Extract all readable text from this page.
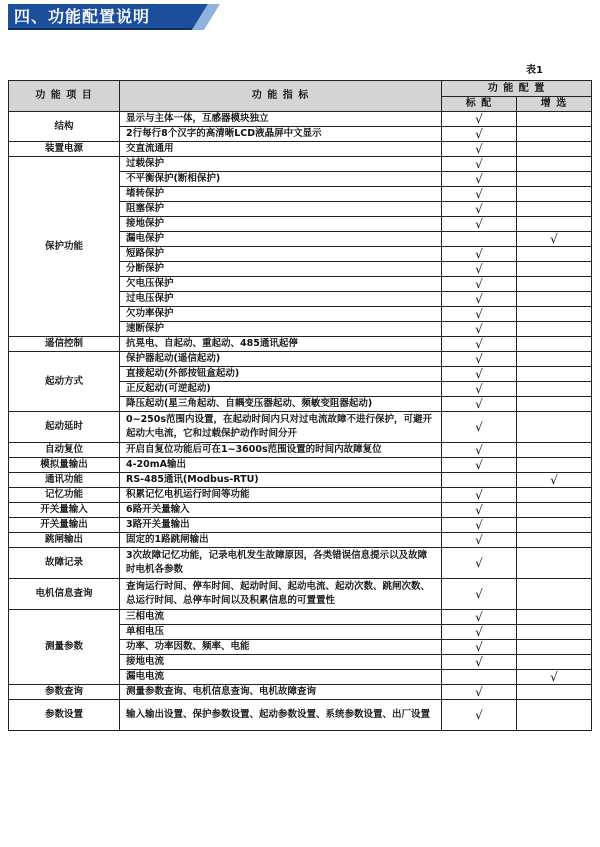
四、功能配置说明
表1
功 能 项 目	功 能 指 标	功 能 配 置	
		标 配	增 选
结构	显示与主体一体，互感器模块独立	√	
	2行每行8个汉字的高清晰LCD液晶屏中文显示	√	
装置电源	交直流通用	√	
保护功能	过载保护	√	
	不平衡保护(断相保护)	√	
	堵转保护	√	
	阻塞保护	√	
	接地保护	√	
	漏电保护		√
	短路保护	√	
	分断保护	√	
	欠电压保护	√	
	过电压保护	√	
	欠功率保护	√	
	速断保护	√	
遥信控制	抗晃电、自起动、重起动、485通讯起停	√	
起动方式	保护器起动(遥信起动)	√	
	直接起动(外部按钮盒起动)	√	
	正反起动(可逆起动)	√	
	降压起动(星三角起动、自耦变压器起动、频敏变阻器起动)	√	
起动延时	0~250s范围内设置，在起动时间内只对过电流故障不进行保护，可避开起动大电流，它和过载保护动作时间分开	√	
自动复位	开启自复位功能后可在1~3600s范围设置的时间内故障复位	√	
模拟量输出	4-20mA输出	√	
通讯功能	RS-485通讯(Modbus-RTU)		√
记忆功能	积累记忆电机运行时间等功能	√	
开关量输入	6路开关量输入	√	
开关量输出	3路开关量输出	√	
跳闸输出	固定的1路跳闸输出	√	
故障记录	3次故障记忆功能，记录电机发生故障原因，各类错误信息提示以及故障时电机各参数	√	
电机信息查询	查询运行时间、停车时间、起动时间、起动电流、起动次数、跳闸次数、总运行时间、总停车时间以及积累信息的可置置性	√	
测量参数	三相电流	√	
	单相电压	√	
	功率、功率因数、频率、电能	√	
	接地电流	√	
	漏电电流		√
参数查询	测量参数查询、电机信息查询、电机故障查询	√	
参数设置	输入输出设置、保护参数设置、起动参数设置、系统参数设置、出厂设置	√	
